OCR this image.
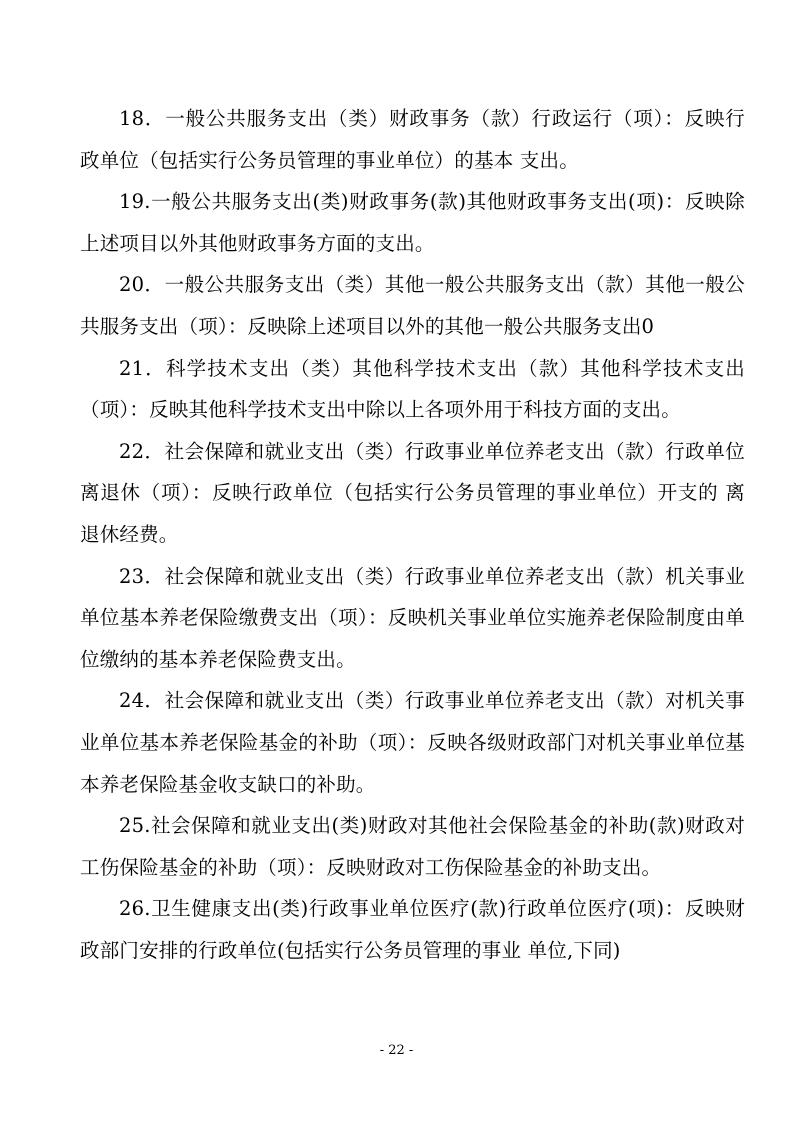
18．一般公共服务支出（类）财政事务（款）行政运行（项）：反映行政单位（包括实行公务员管理的事业单位）的基本 支出。

19.一般公共服务支出(类)财政事务(款)其他财政事务支出(项)：反映除上述项目以外其他财政事务方面的支出。

20．一般公共服务支出（类）其他一般公共服务支出（款）其他一般公共服务支出（项）：反映除上述项目以外的其他一般公共服务支出0

21．科学技术支出（类）其他科学技术支出（款）其他科学技术支出（项）：反映其他科学技术支出中除以上各项外用于科技方面的支出。

22．社会保障和就业支出（类）行政事业单位养老支出（款）行政单位离退休（项）：反映行政单位（包括实行公务员管理的事业单位）开支的 离退休经费。

23．社会保障和就业支出（类）行政事业单位养老支出（款）机关事业单位基本养老保险缴费支出（项）：反映机关事业单位实施养老保险制度由单位缴纳的基本养老保险费支出。

24．社会保障和就业支出（类）行政事业单位养老支出（款）对机关事业单位基本养老保险基金的补助（项）：反映各级财政部门对机关事业单位基本养老保险基金收支缺口的补助。

25.社会保障和就业支出(类)财政对其他社会保险基金的补助(款)财政对工伤保险基金的补助（项）：反映财政对工伤保险基金的补助支出。

26.卫生健康支出(类)行政事业单位医疗(款)行政单位医疗(项)：反映财政部门安排的行政单位(包括实行公务员管理的事业 单位,下同)

- 22 -
